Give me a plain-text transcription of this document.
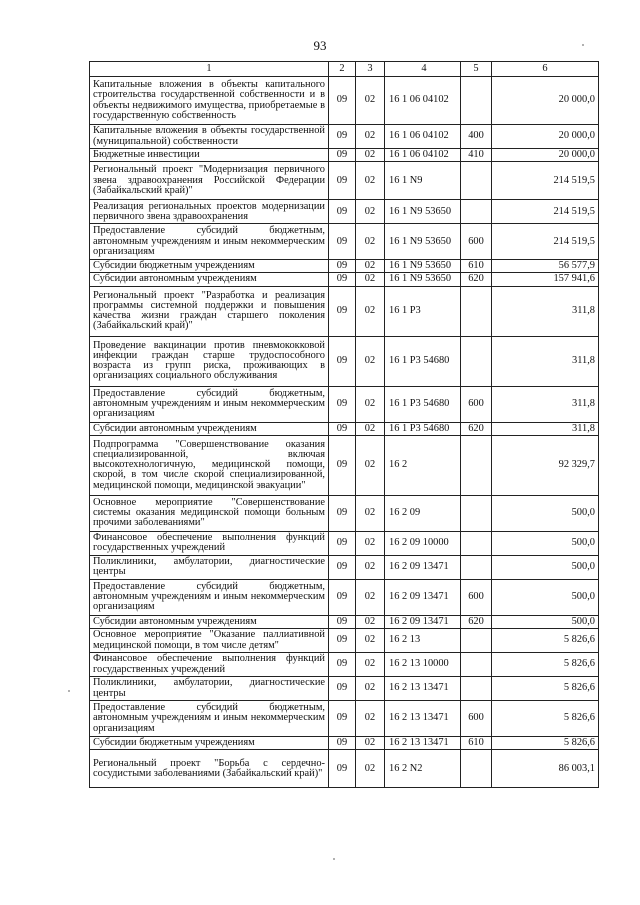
93
1	2	3	4	5	6
Капитальные вложения в объекты капитального строительства государственной собственности и в объекты недвижимого имущества, приобретаемые в государственную собственность	09	02	16 1 06 04102		20 000,0
Капитальные вложения в объекты государственной (муниципальной) собственности	09	02	16 1 06 04102	400	20 000,0
Бюджетные инвестиции	09	02	16 1 06 04102	410	20 000,0
Региональный проект "Модернизация первичного звена здравоохранения Российской Федерации (Забайкальский край)"	09	02	16 1 N9		214 519,5
Реализация региональных проектов модернизации первичного звена здравоохранения	09	02	16 1 N9 53650		214 519,5
Предоставление субсидий бюджетным, автономным учреждениям и иным некоммерческим организациям	09	02	16 1 N9 53650	600	214 519,5
Субсидии бюджетным учреждениям	09	02	16 1 N9 53650	610	56 577,9
Субсидии автономным учреждениям	09	02	16 1 N9 53650	620	157 941,6
Региональный проект "Разработка и реализация программы системной поддержки и повышения качества жизни граждан старшего поколения (Забайкальский край)"	09	02	16 1 P3		311,8
Проведение вакцинации против пневмококковой инфекции граждан старше трудоспособного возраста из групп риска, проживающих в организациях социального обслуживания	09	02	16 1 P3 54680		311,8
Предоставление субсидий бюджетным, автономным учреждениям и иным некоммерческим организациям	09	02	16 1 P3 54680	600	311,8
Субсидии автономным учреждениям	09	02	16 1 P3 54680	620	311,8
Подпрограмма "Совершенствование оказания специализированной, включая высокотехнологичную, медицинской помощи, скорой, в том числе скорой специализированной, медицинской помощи, медицинской эвакуации"	09	02	16 2		92 329,7
Основное мероприятие "Совершенствование системы оказания медицинской помощи больным прочими заболеваниями"	09	02	16 2 09		500,0
Финансовое обеспечение выполнения функций государственных учреждений	09	02	16 2 09 10000		500,0
Поликлиники, амбулатории, диагностические центры	09	02	16 2 09 13471		500,0
Предоставление субсидий бюджетным, автономным учреждениям и иным некоммерческим организациям	09	02	16 2 09 13471	600	500,0
Субсидии автономным учреждениям	09	02	16 2 09 13471	620	500,0
Основное мероприятие "Оказание паллиативной медицинской помощи, в том числе детям"	09	02	16 2 13		5 826,6
Финансовое обеспечение выполнения функций государственных учреждений	09	02	16 2 13 10000		5 826,6
Поликлиники, амбулатории, диагностические центры	09	02	16 2 13 13471		5 826,6
Предоставление субсидий бюджетным, автономным учреждениям и иным некоммерческим организациям	09	02	16 2 13 13471	600	5 826,6
Субсидии бюджетным учреждениям	09	02	16 2 13 13471	610	5 826,6
Региональный проект "Борьба с сердечно-сосудистыми заболеваниями (Забайкальский край)"	09	02	16 2 N2		86 003,1
